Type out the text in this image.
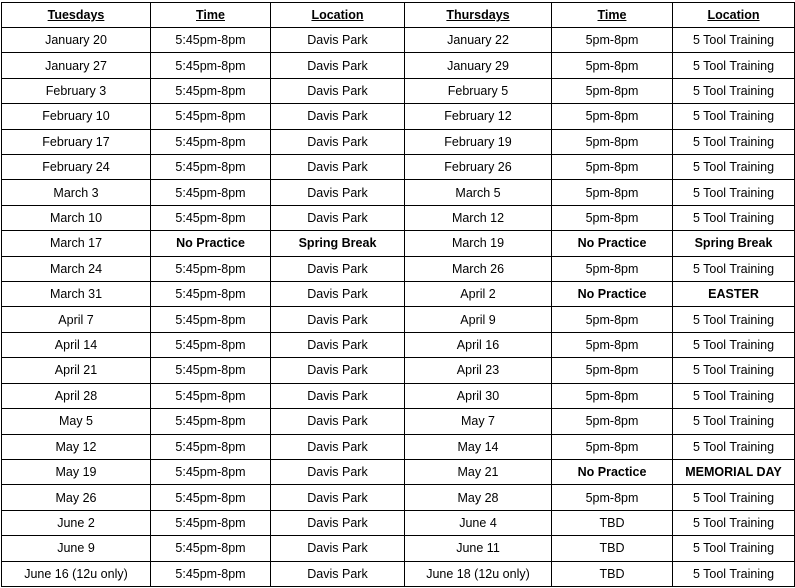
Tuesdays	Time	Location	Thursdays	Time	Location
January 20	5:45pm-8pm	Davis Park	January 22	5pm-8pm	5 Tool Training
January 27	5:45pm-8pm	Davis Park	January 29	5pm-8pm	5 Tool Training
February 3	5:45pm-8pm	Davis Park	February 5	5pm-8pm	5 Tool Training
February 10	5:45pm-8pm	Davis Park	February 12	5pm-8pm	5 Tool Training
February 17	5:45pm-8pm	Davis Park	February 19	5pm-8pm	5 Tool Training
February 24	5:45pm-8pm	Davis Park	February 26	5pm-8pm	5 Tool Training
March 3	5:45pm-8pm	Davis Park	March 5	5pm-8pm	5 Tool Training
March 10	5:45pm-8pm	Davis Park	March 12	5pm-8pm	5 Tool Training
March 17	No Practice	Spring Break	March 19	No Practice	Spring Break
March 24	5:45pm-8pm	Davis Park	March 26	5pm-8pm	5 Tool Training
March 31	5:45pm-8pm	Davis Park	April 2	No Practice	EASTER
April 7	5:45pm-8pm	Davis Park	April 9	5pm-8pm	5 Tool Training
April 14	5:45pm-8pm	Davis Park	April 16	5pm-8pm	5 Tool Training
April 21	5:45pm-8pm	Davis Park	April 23	5pm-8pm	5 Tool Training
April 28	5:45pm-8pm	Davis Park	April 30	5pm-8pm	5 Tool Training
May 5	5:45pm-8pm	Davis Park	May 7	5pm-8pm	5 Tool Training
May 12	5:45pm-8pm	Davis Park	May 14	5pm-8pm	5 Tool Training
May 19	5:45pm-8pm	Davis Park	May 21	No Practice	MEMORIAL DAY
May 26	5:45pm-8pm	Davis Park	May 28	5pm-8pm	5 Tool Training
June 2	5:45pm-8pm	Davis Park	June 4	TBD	5 Tool Training
June 9	5:45pm-8pm	Davis Park	June 11	TBD	5 Tool Training
June 16 (12u only)	5:45pm-8pm	Davis Park	June 18 (12u only)	TBD	5 Tool Training
